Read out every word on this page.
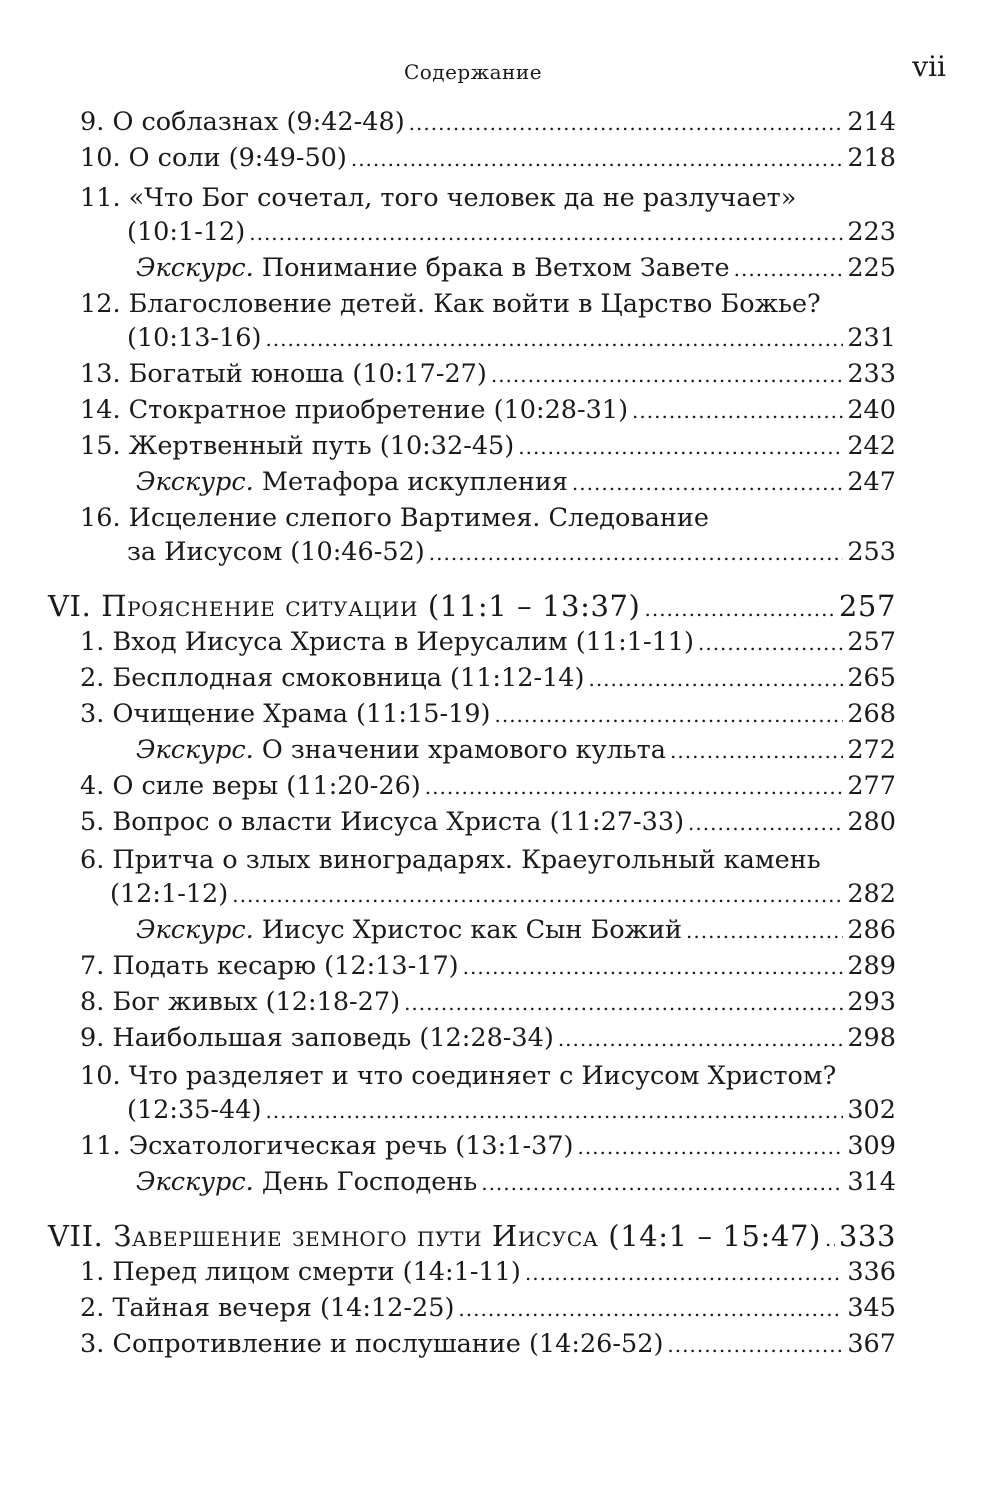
Содержание	vii
9. О соблазнах (9:42-48) .....	214
10. О соли (9:49-50) .....	218
11. «Что Бог сочетал, того человек да не разлучает»
(10:1-12) .....	223
Экскурс. Понимание брака в Ветхом Завете .....	225
12. Благословение детей. Как войти в Царство Божье?
(10:13-16) .....	231
13. Богатый юноша (10:17-27) .....	233
14. Стократное приобретение (10:28-31) .....	240
15. Жертвенный путь (10:32-45) .....	242
Экскурс. Метафора искупления .....	247
16. Исцеление слепого Вартимея. Следование
за Иисусом (10:46-52) .....	253
VI. Прояснение ситуации (11:1 – 13:37) .....	257
1. Вход Иисуса Христа в Иерусалим (11:1-11) .....	257
2. Бесплодная смоковница (11:12-14) .....	265
3. Очищение Храма (11:15-19) .....	268
Экскурс. О значении храмового культа .....	272
4. О силе веры (11:20-26) .....	277
5. Вопрос о власти Иисуса Христа (11:27-33) .....	280
6. Притча о злых виноградарях. Краеугольный камень
(12:1-12) .....	282
Экскурс. Иисус Христос как Сын Божий .....	286
7. Подать кесарю (12:13-17) .....	289
8. Бог живых (12:18-27) .....	293
9. Наибольшая заповедь (12:28-34) .....	298
10. Что разделяет и что соединяет с Иисусом Христом?
(12:35-44) .....	302
11. Эсхатологическая речь (13:1-37) .....	309
Экскурс. День Господень .....	314
VII. Завершение земного пути Иисуса (14:1 – 15:47) ..... 333
1. Перед лицом смерти (14:1-11) .....	336
2. Тайная вечеря (14:12-25) .....	345
3. Сопротивление и послушание (14:26-52) .....	367
